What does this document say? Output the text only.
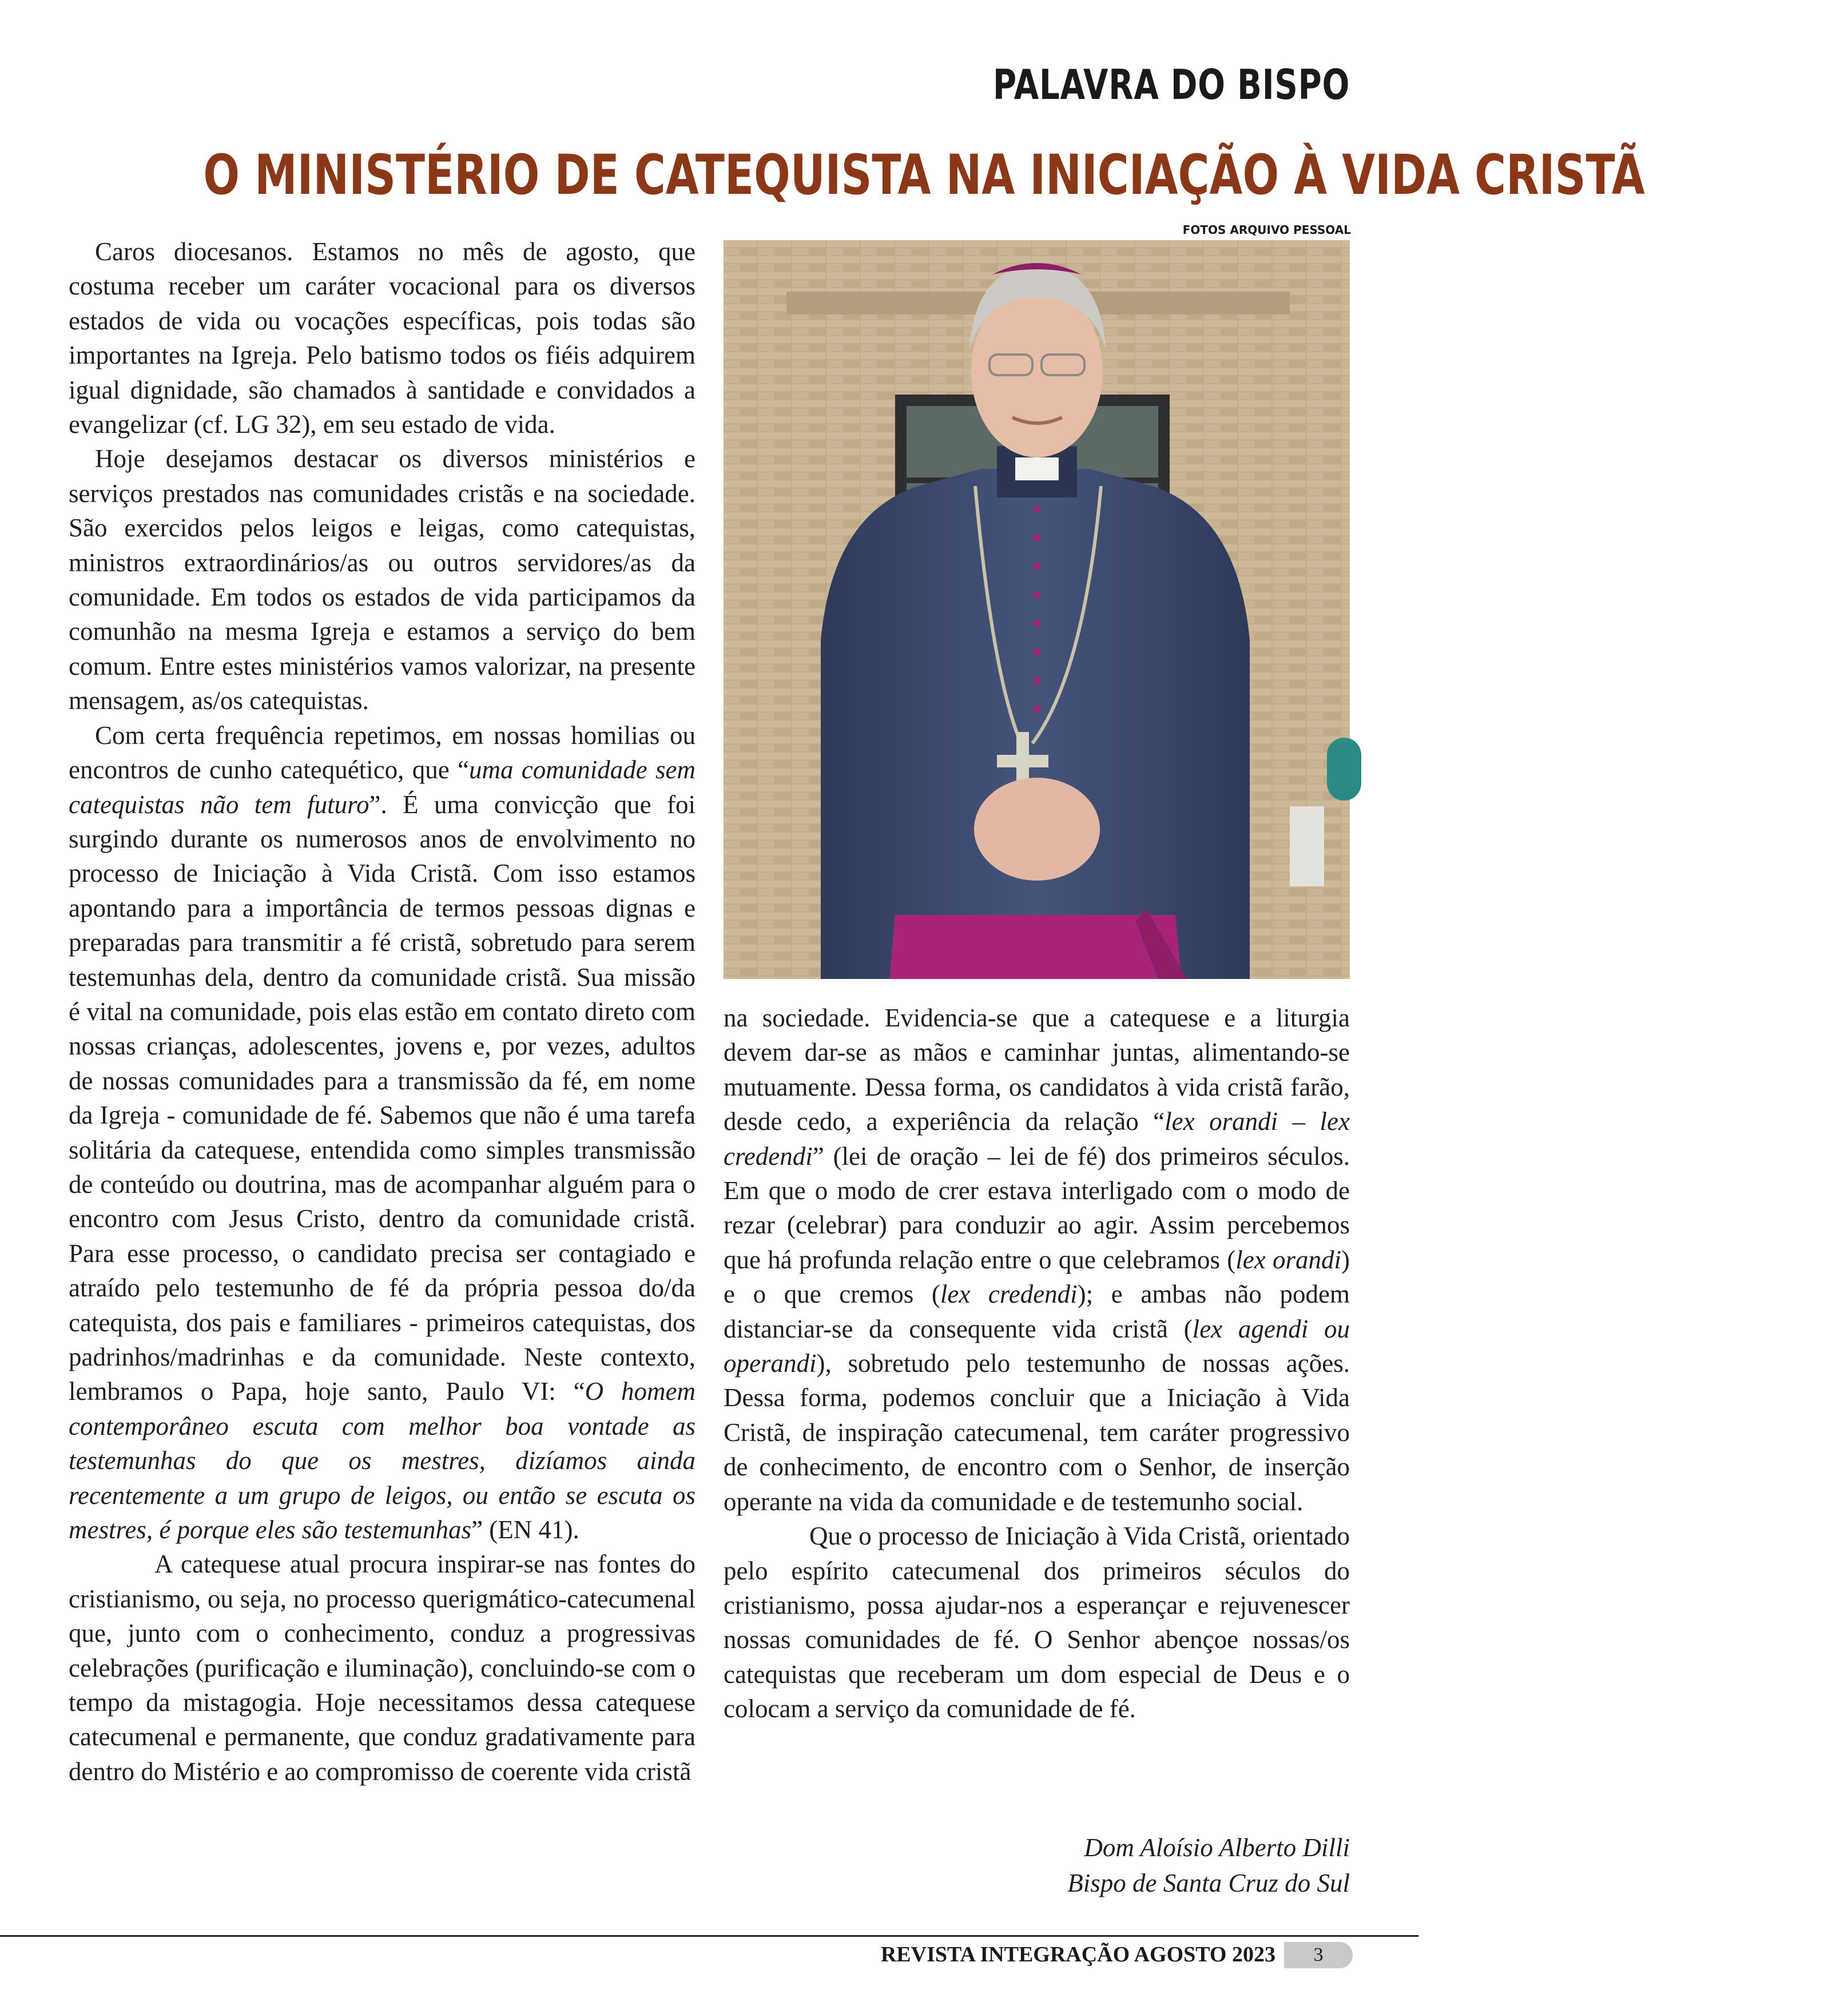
PALAVRA DO BISPO
O MINISTÉRIO DE CATEQUISTA NA INICIAÇÃO À VIDA CRISTÃ
FOTOS ARQUIVO PESSOAL

Caros diocesanos. Estamos no mês de agosto, que costuma receber um caráter vocacional para os diversos estados de vida ou vocações específicas, pois todas são importantes na Igreja. Pelo batismo todos os fiéis adquirem igual dignidade, são chamados à santidade e convidados a evangelizar (cf. LG 32), em seu estado de vida.

Hoje desejamos destacar os diversos ministérios e serviços prestados nas comunidades cristãs e na sociedade. São exercidos pelos leigos e leigas, como catequistas, ministros extraordinários/as ou outros servidores/as da comunidade. Em todos os estados de vida participamos da comunhão na mesma Igreja e estamos a serviço do bem comum. Entre estes ministérios vamos valorizar, na presente mensagem, as/os catequistas.

Com certa frequência repetimos, em nossas homilias ou encontros de cunho catequético, que “uma comunidade sem catequistas não tem futuro”. É uma convicção que foi surgindo durante os numerosos anos de envolvimento no processo de Iniciação à Vida Cristã. Com isso estamos apontando para a importância de termos pessoas dignas e preparadas para transmitir a fé cristã, sobretudo para serem testemunhas dela, dentro da comunidade cristã. Sua missão é vital na comunidade, pois elas estão em contato direto com nossas crianças, adolescentes, jovens e, por vezes, adultos de nossas comunidades para a transmissão da fé, em nome da Igreja - comunidade de fé. Sabemos que não é uma tarefa solitária da catequese, entendida como simples transmissão de conteúdo ou doutrina, mas de acompanhar alguém para o encontro com Jesus Cristo, dentro da comunidade cristã. Para esse processo, o candidato precisa ser contagiado e atraído pelo testemunho de fé da própria pessoa do/da catequista, dos pais e familiares - primeiros catequistas, dos padrinhos/madrinhas e da comunidade. Neste contexto, lembramos o Papa, hoje santo, Paulo VI: “O homem contemporâneo escuta com melhor boa vontade as testemunhas do que os mestres, dizíamos ainda recentemente a um grupo de leigos, ou então se escuta os mestres, é porque eles são testemunhas” (EN 41).

A catequese atual procura inspirar-se nas fontes do cristianismo, ou seja, no processo querigmático-catecumenal que, junto com o conhecimento, conduz a progressivas celebrações (purificação e iluminação), concluindo-se com o tempo da mistagogia. Hoje necessitamos dessa catequese catecumenal e permanente, que conduz gradativamente para dentro do Mistério e ao compromisso de coerente vida cristã

na sociedade. Evidencia-se que a catequese e a liturgia devem dar-se as mãos e caminhar juntas, alimentando-se mutuamente. Dessa forma, os candidatos à vida cristã farão, desde cedo, a experiência da relação “lex orandi – lex credendi” (lei de oração – lei de fé) dos primeiros séculos. Em que o modo de crer estava interligado com o modo de rezar (celebrar) para conduzir ao agir. Assim percebemos que há profunda relação entre o que celebramos (lex orandi) e o que cremos (lex credendi); e ambas não podem distanciar-se da consequente vida cristã (lex agendi ou operandi), sobretudo pelo testemunho de nossas ações. Dessa forma, podemos concluir que a Iniciação à Vida Cristã, de inspiração catecumenal, tem caráter progressivo de conhecimento, de encontro com o Senhor, de inserção operante na vida da comunidade e de testemunho social.

Que o processo de Iniciação à Vida Cristã, orientado pelo espírito catecumenal dos primeiros séculos do cristianismo, possa ajudar-nos a esperançar e rejuvenescer nossas comunidades de fé. O Senhor abençoe nossas/os catequistas que receberam um dom especial de Deus e o colocam a serviço da comunidade de fé.

Dom Aloísio Alberto Dilli
Bispo de Santa Cruz do Sul
REVISTA INTEGRAÇÃO AGOSTO 2023	3
